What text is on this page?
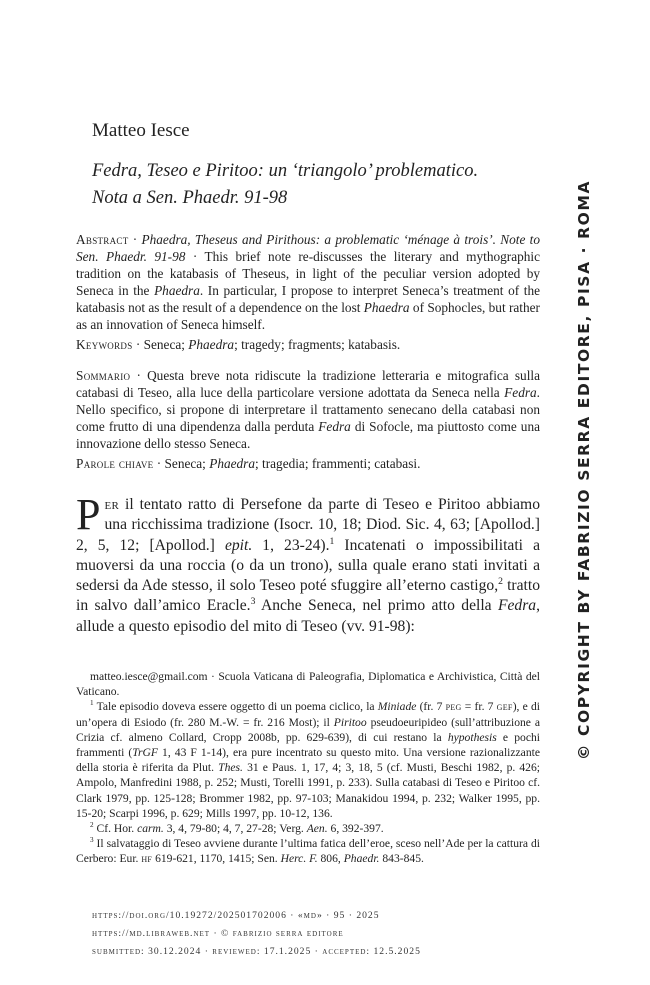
Matteo Iesce
Fedra, Teseo e Piritoo: un ‘triangolo’ problematico.
Nota a Sen. Phaedr. 91-98
Abstract · Phaedra, Theseus and Pirithous: a problematic ‘ménage à trois’. Note to Sen. Phaedr. 91-98 · This brief note re-discusses the literary and mythographic tradition on the katabasis of Theseus, in light of the peculiar version adopted by Seneca in the Phaedra. In particular, I propose to interpret Seneca’s treatment of the katabasis not as the result of a dependence on the lost Phaedra of Sophocles, but rather as an innovation of Seneca himself.
Keywords · Seneca; Phaedra; tragedy; fragments; katabasis.
Sommario · Questa breve nota ridiscute la tradizione letteraria e mitografica sulla catabasi di Teseo, alla luce della particolare versione adottata da Seneca nella Fedra. Nello specifico, si propone di interpretare il trattamento senecano della catabasi non come frutto di una dipendenza dalla perduta Fedra di Sofocle, ma piuttosto come una innovazione dello stesso Seneca.
Parole chiave · Seneca; Phaedra; tragedia; frammenti; catabasi.
Per il tentato ratto di Persefone da parte di Teseo e Piritoo abbiamo una ricchissima tradizione (Isocr. 10, 18; Diod. Sic. 4, 63; [Apollod.] 2, 5, 12; [Apollod.] epit. 1, 23-24).$^1$ Incatenati o impossibilitati a muoversi da una roccia (o da un trono), sulla quale erano stati invitati a sedersi da Ade stesso, il solo Teseo poté sfuggire all’eterno castigo,$^2$ tratto in salvo dall’amico Eracle.$^3$ Anche Seneca, nel primo atto della Fedra, allude a questo episodio del mito di Teseo (vv. 91-98):

matteo.iesce@gmail.com · Scuola Vaticana di Paleografia, Diplomatica e Archivistica, Città del Vaticano.

$^1$ Tale episodio doveva essere oggetto di un poema ciclico, la Miniade (fr. 7 peg = fr. 7 gef), e di un’opera di Esiodo (fr. 280 M.-W. = fr. 216 Most); il Piritoo pseudoeuripideo (sull’attribuzione a Crizia cf. almeno Collard, Cropp 2008b, pp. 629-639), di cui restano la hypothesis e pochi frammenti (TrGF 1, 43 F 1-14), era pure incentrato su questo mito. Una versione razionalizzante della storia è riferita da Plut. Thes. 31 e Paus. 1, 17, 4; 3, 18, 5 (cf. Musti, Beschi 1982, p. 426; Ampolo, Manfredini 1988, p. 252; Musti, Torelli 1991, p. 233). Sulla catabasi di Teseo e Piritoo cf. Clark 1979, pp. 125-128; Brommer 1982, pp. 97-103; Manakidou 1994, p. 232; Walker 1995, pp. 15-20; Scarpi 1996, p. 629; Mills 1997, pp. 10-12, 136.

$^2$ Cf. Hor. carm. 3, 4, 79-80; 4, 7, 27-28; Verg. Aen. 6, 392-397.

$^3$ Il salvataggio di Teseo avviene durante l’ultima fatica dell’eroe, sceso nell’Ade per la cattura di Cerbero: Eur. hf 619-621, 1170, 1415; Sen. Herc. F. 806, Phaedr. 843-845.

https://doi.org/10.19272/202501702006 · «md» · 95 · 2025
https://md.libraweb.net · © fabrizio serra editore
submitted: 30.12.2024 · reviewed: 17.1.2025 · accepted: 12.5.2025
© COPYRIGHT BY FABRIZIO SERRA EDITORE, PISA · ROMA
